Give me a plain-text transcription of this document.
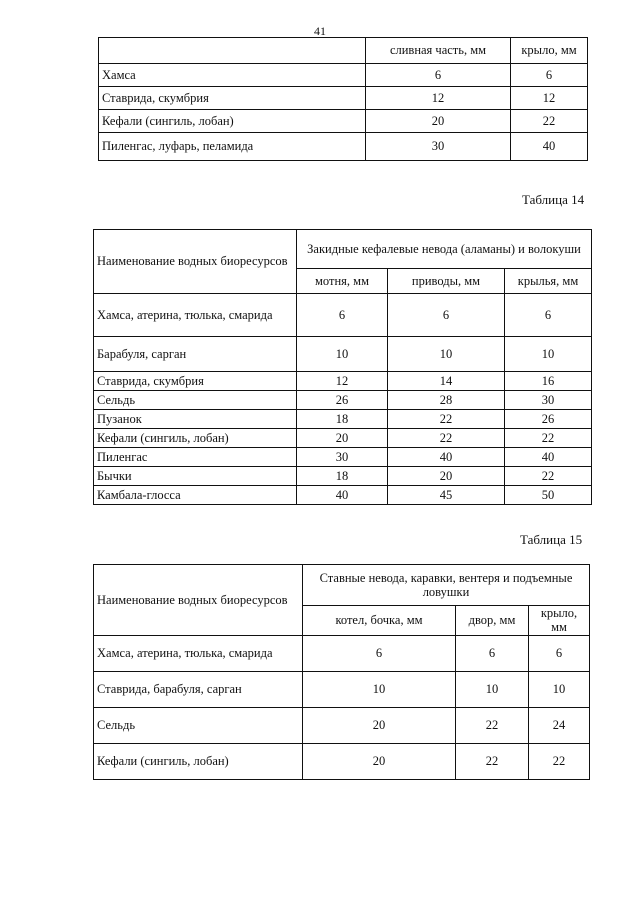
41
	сливная часть, мм	крыло, мм
Хамса	6	6
Ставрида, скумбрия	12	12
Кефали (сингиль, лобан)	20	22
Пиленгас, луфарь, пеламида	30	40
Таблица 14
Наименование водных биоресурсов	Закидные кефалевые невода (аламаны) и волокуши		
	мотня, мм	приводы, мм	крылья, мм
Хамса, атерина, тюлька, смарида	6	6	6
Барабуля, сарган	10	10	10
Ставрида, скумбрия	12	14	16
Сельдь	26	28	30
Пузанок	18	22	26
Кефали (сингиль, лобан)	20	22	22
Пиленгас	30	40	40
Бычки	18	20	22
Камбала-глосса	40	45	50
Таблица 15
Наименование водных биоресурсов	Ставные невода, каравки, вентеря и подъемные ловушки		
	котел, бочка, мм	двор, мм	крыло, мм
Хамса, атерина, тюлька, смарида	6	6	6
Ставрида, барабуля, сарган	10	10	10
Сельдь	20	22	24
Кефали (сингиль, лобан)	20	22	22
